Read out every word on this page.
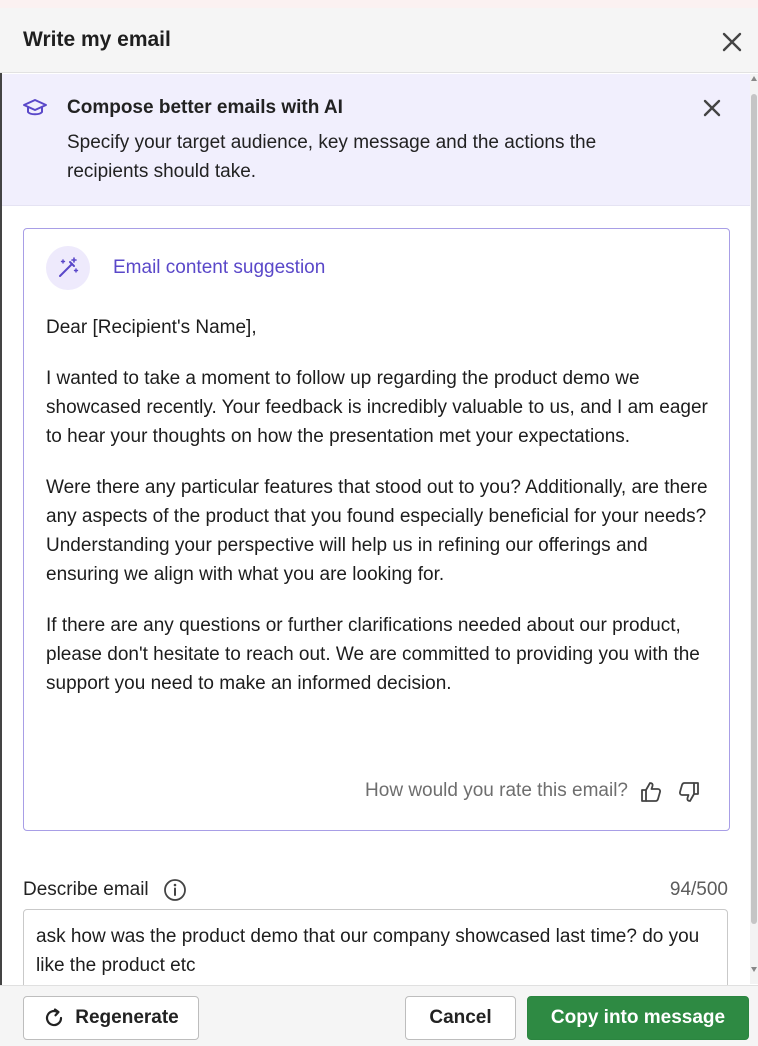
Write my email
Compose better emails with AI
Specify your target audience, key message and the actions the recipients should take.
Email content suggestion

Dear [Recipient's Name],

I wanted to take a moment to follow up regarding the product demo we showcased recently. Your feedback is incredibly valuable to us, and I am eager to hear your thoughts on how the presentation met your expectations.

Were there any particular features that stood out to you? Additionally, are there any aspects of the product that you found especially beneficial for your needs? Understanding your perspective will help us in refining our offerings and ensuring we align with what you are looking for.

If there are any questions or further clarifications needed about our product, please don't hesitate to reach out. We are committed to providing you with the support you need to make an informed decision.

How would you rate this email?
Describe email	94/500
ask how was the product demo that our company showcased last time? do you like the product etc
Regenerate	Cancel	Copy into message
